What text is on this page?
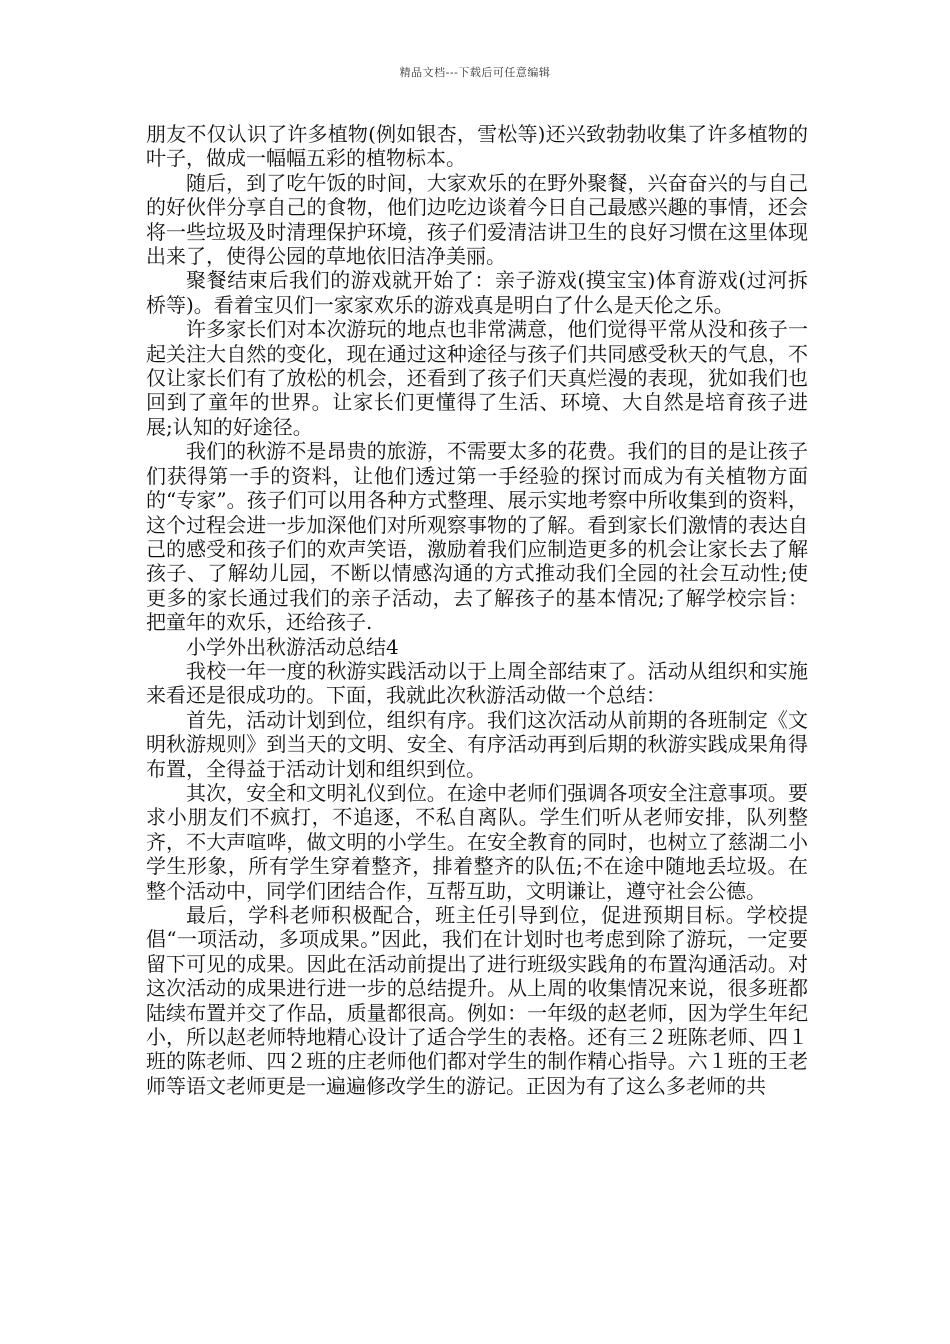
精品文档---下载后可任意编辑

朋友不仅认识了许多植物(例如银杏，雪松等)还兴致勃勃收集了许多植物的叶子，做成一幅幅五彩的植物标本。

随后，到了吃午饭的时间，大家欢乐的在野外聚餐，兴奋奋兴的与自己的好伙伴分享自己的食物，他们边吃边谈着今日自己最感兴趣的事情，还会将一些垃圾及时清理保护环境，孩子们爱清洁讲卫生的良好习惯在这里体现出来了，使得公园的草地依旧洁净美丽。

聚餐结束后我们的游戏就开始了：亲子游戏(摸宝宝)体育游戏(过河拆桥等)。看着宝贝们一家家欢乐的游戏真是明白了什么是天伦之乐。

许多家长们对本次游玩的地点也非常满意，他们觉得平常从没和孩子一起关注大自然的变化，现在通过这种途径与孩子们共同感受秋天的气息，不仅让家长们有了放松的机会，还看到了孩子们天真烂漫的表现，犹如我们也回到了童年的世界。让家长们更懂得了生活、环境、大自然是培育孩子进展;认知的好途径。

我们的秋游不是昂贵的旅游，不需要太多的花费。我们的目的是让孩子们获得第一手的资料，让他们透过第一手经验的探讨而成为有关植物方面的“专家”。孩子们可以用各种方式整理、展示实地考察中所收集到的资料，这个过程会进一步加深他们对所观察事物的了解。看到家长们激情的表达自己的感受和孩子们的欢声笑语，激励着我们应制造更多的机会让家长去了解孩子、了解幼儿园，不断以情感沟通的方式推动我们全园的社会互动性;使更多的家长通过我们的亲子活动，去了解孩子的基本情况;了解学校宗旨：把童年的欢乐，还给孩子.

小学外出秋游活动总结4

我校一年一度的秋游实践活动以于上周全部结束了。活动从组织和实施来看还是很成功的。下面，我就此次秋游活动做一个总结：

首先，活动计划到位，组织有序。我们这次活动从前期的各班制定《文明秋游规则》到当天的文明、安全、有序活动再到后期的秋游实践成果角得布置，全得益于活动计划和组织到位。

其次，安全和文明礼仪到位。在途中老师们强调各项安全注意事项。要求小朋友们不疯打，不追逐，不私自离队。学生们听从老师安排，队列整齐，不大声喧哗，做文明的小学生。在安全教育的同时，也树立了慈湖二小学生形象，所有学生穿着整齐，排着整齐的队伍;不在途中随地丢垃圾。在整个活动中，同学们团结合作，互帮互助，文明谦让，遵守社会公德。

最后，学科老师积极配合，班主任引导到位，促进预期目标。学校提倡“一项活动，多项成果。”因此，我们在计划时也考虑到除了游玩，一定要留下可见的成果。因此在活动前提出了进行班级实践角的布置沟通活动。对这次活动的成果进行进一步的总结提升。从上周的收集情况来说，很多班都陆续布置并交了作品，质量都很高。例如：一年级的赵老师，因为学生年纪小，所以赵老师特地精心设计了适合学生的表格。还有三２班陈老师、四１班的陈老师、四２班的庄老师他们都对学生的制作精心指导。六１班的王老师等语文老师更是一遍遍修改学生的游记。正因为有了这么多老师的共
